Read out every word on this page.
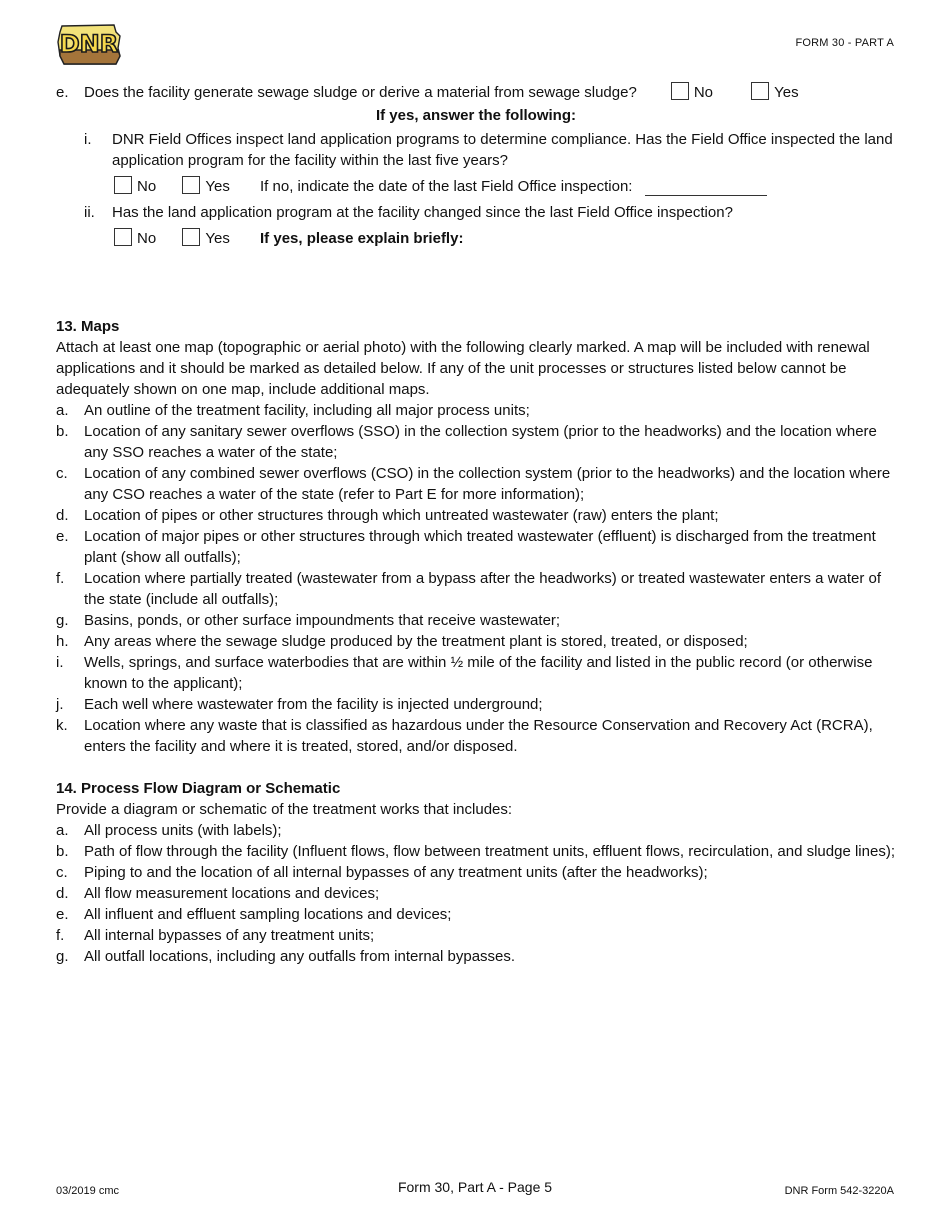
DNR	FORM 30 - PART A
e. Does the facility generate sewage sludge or derive a material from sewage sludge?	No	Yes
If yes, answer the following:
i. DNR Field Offices inspect land application programs to determine compliance. Has the Field Office inspected the land application program for the facility within the last five years?
No	Yes If no, indicate the date of the last Field Office inspection:
ii. Has the land application program at the facility changed since the last Field Office inspection?
No	Yes If yes, please explain briefly:
13. Maps
Attach at least one map (topographic or aerial photo) with the following clearly marked. A map will be included with renewal applications and it should be marked as detailed below. If any of the unit processes or structures listed below cannot be adequately shown on one map, include additional maps.
a. An outline of the treatment facility, including all major process units;
b. Location of any sanitary sewer overflows (SSO) in the collection system (prior to the headworks) and the location where any SSO reaches a water of the state;
c. Location of any combined sewer overflows (CSO) in the collection system (prior to the headworks) and the location where any CSO reaches a water of the state (refer to Part E for more information);
d. Location of pipes or other structures through which untreated wastewater (raw) enters the plant;
e. Location of major pipes or other structures through which treated wastewater (effluent) is discharged from the treatment plant (show all outfalls);
f. Location where partially treated (wastewater from a bypass after the headworks) or treated wastewater enters a water of the state (include all outfalls);
g. Basins, ponds, or other surface impoundments that receive wastewater;
h. Any areas where the sewage sludge produced by the treatment plant is stored, treated, or disposed;
i. Wells, springs, and surface waterbodies that are within ½ mile of the facility and listed in the public record (or otherwise known to the applicant);
j. Each well where wastewater from the facility is injected underground;
k. Location where any waste that is classified as hazardous under the Resource Conservation and Recovery Act (RCRA), enters the facility and where it is treated, stored, and/or disposed.
14. Process Flow Diagram or Schematic
Provide a diagram or schematic of the treatment works that includes:
a. All process units (with labels);
b. Path of flow through the facility (Influent flows, flow between treatment units, effluent flows, recirculation, and sludge lines);
c. Piping to and the location of all internal bypasses of any treatment units (after the headworks);
d. All flow measurement locations and devices;
e. All influent and effluent sampling locations and devices;
f. All internal bypasses of any treatment units;
g. All outfall locations, including any outfalls from internal bypasses.
03/2019 cmc	Form 30, Part A - Page 5	DNR Form 542-3220A
